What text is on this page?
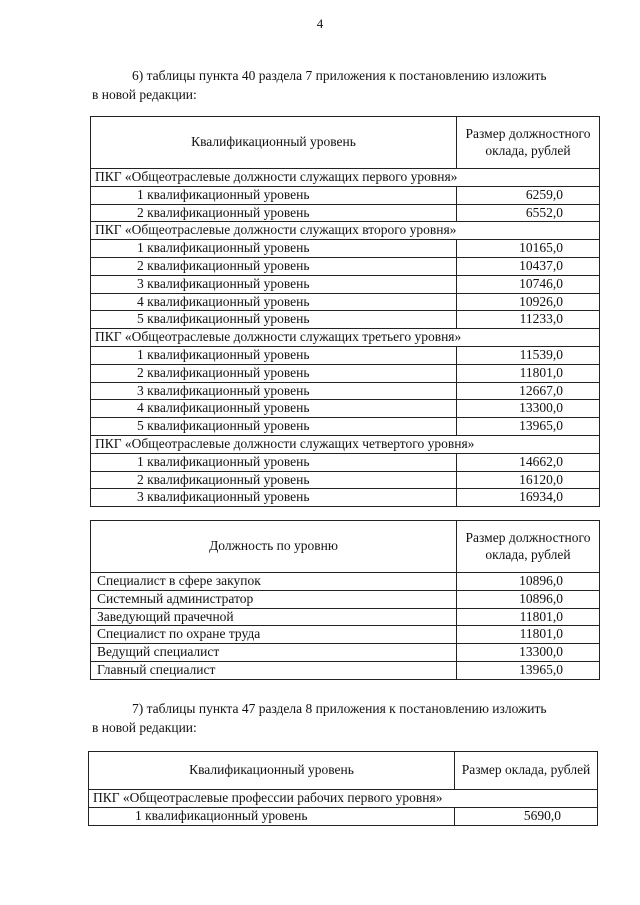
4
6) таблицы пункта 40 раздела 7 приложения к постановлению изложить
в новой редакции:
Квалификационный уровень	Размер должностного оклада, рублей
ПКГ «Общеотраслевые должности служащих первого уровня»	
1 квалификационный уровень	6259,0
2 квалификационный уровень	6552,0
ПКГ «Общеотраслевые должности служащих второго уровня»	
1 квалификационный уровень	10165,0
2 квалификационный уровень	10437,0
3 квалификационный уровень	10746,0
4 квалификационный уровень	10926,0
5 квалификационный уровень	11233,0
ПКГ «Общеотраслевые должности служащих третьего уровня»	
1 квалификационный уровень	11539,0
2 квалификационный уровень	11801,0
3 квалификационный уровень	12667,0
4 квалификационный уровень	13300,0
5 квалификационный уровень	13965,0
ПКГ «Общеотраслевые должности служащих четвертого уровня»	
1 квалификационный уровень	14662,0
2 квалификационный уровень	16120,0
3 квалификационный уровень	16934,0
Должность по уровню	Размер должностного оклада, рублей
Специалист в сфере закупок	10896,0
Системный администратор	10896,0
Заведующий прачечной	11801,0
Специалист по охране труда	11801,0
Ведущий специалист	13300,0
Главный специалист	13965,0
7) таблицы пункта 47 раздела 8 приложения к постановлению изложить
в новой редакции:
Квалификационный уровень	Размер оклада, рублей
ПКГ «Общеотраслевые профессии рабочих первого уровня»	
1 квалификационный уровень	5690,0
